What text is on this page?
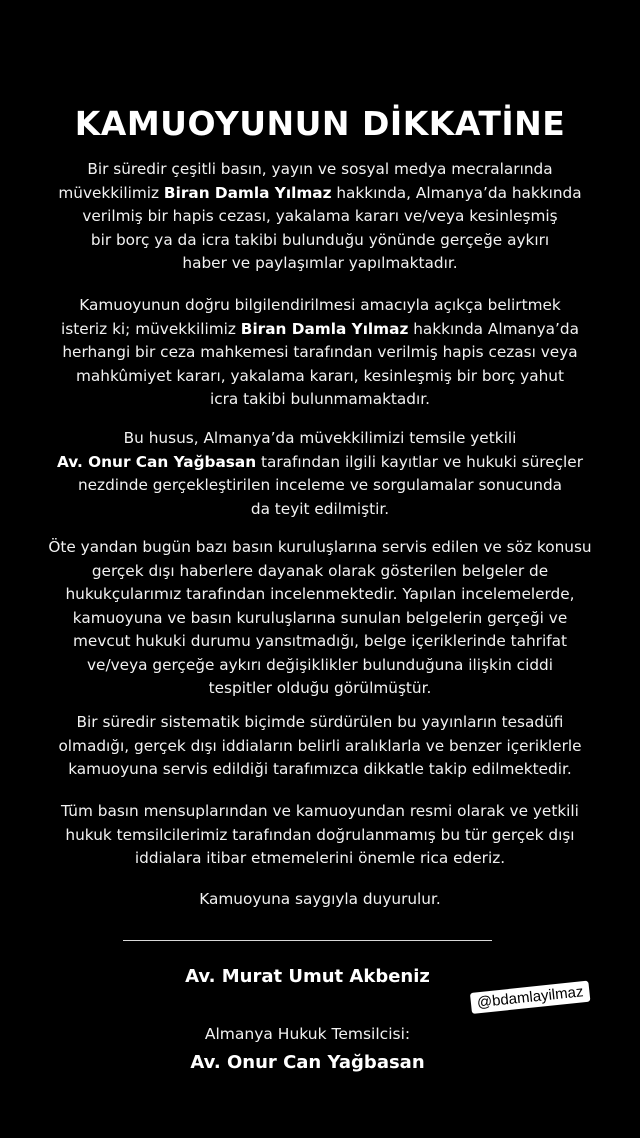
KAMUOYUNUN DİKKATİNE
Bir süredir çeşitli basın, yayın ve sosyal medya mecralarında
müvekkilimiz Biran Damla Yılmaz hakkında, Almanya’da hakkında
verilmiş bir hapis cezası, yakalama kararı ve/veya kesinleşmiş
bir borç ya da icra takibi bulunduğu yönünde gerçeğe aykırı
haber ve paylaşımlar yapılmaktadır.
Kamuoyunun doğru bilgilendirilmesi amacıyla açıkça belirtmek
isteriz ki; müvekkilimiz Biran Damla Yılmaz hakkında Almanya’da
herhangi bir ceza mahkemesi tarafından verilmiş hapis cezası veya
mahkûmiyet kararı, yakalama kararı, kesinleşmiş bir borç yahut
icra takibi bulunmamaktadır.
Bu husus, Almanya’da müvekkilimizi temsile yetkili
Av. Onur Can Yağbasan tarafından ilgili kayıtlar ve hukuki süreçler
nezdinde gerçekleştirilen inceleme ve sorgulamalar sonucunda
da teyit edilmiştir.
Öte yandan bugün bazı basın kuruluşlarına servis edilen ve söz konusu
gerçek dışı haberlere dayanak olarak gösterilen belgeler de
hukukçularımız tarafından incelenmektedir. Yapılan incelemelerde,
kamuoyuna ve basın kuruluşlarına sunulan belgelerin gerçeği ve
mevcut hukuki durumu yansıtmadığı, belge içeriklerinde tahrifat
ve/veya gerçeğe aykırı değişiklikler bulunduğuna ilişkin ciddi
tespitler olduğu görülmüştür.
Bir süredir sistematik biçimde sürdürülen bu yayınların tesadüfi
olmadığı, gerçek dışı iddiaların belirli aralıklarla ve benzer içeriklerle
kamuoyuna servis edildiği tarafımızca dikkatle takip edilmektedir.
Tüm basın mensuplarından ve kamuoyundan resmi olarak ve yetkili
hukuk temsilcilerimiz tarafından doğrulanmamış bu tür gerçek dışı
iddialara itibar etmemelerini önemle rica ederiz.
Kamuoyuna saygıyla duyurulur.
Av. Murat Umut Akbeniz
Almanya Hukuk Temsilcisi:
Av. Onur Can Yağbasan
@bdamlayilmaz
